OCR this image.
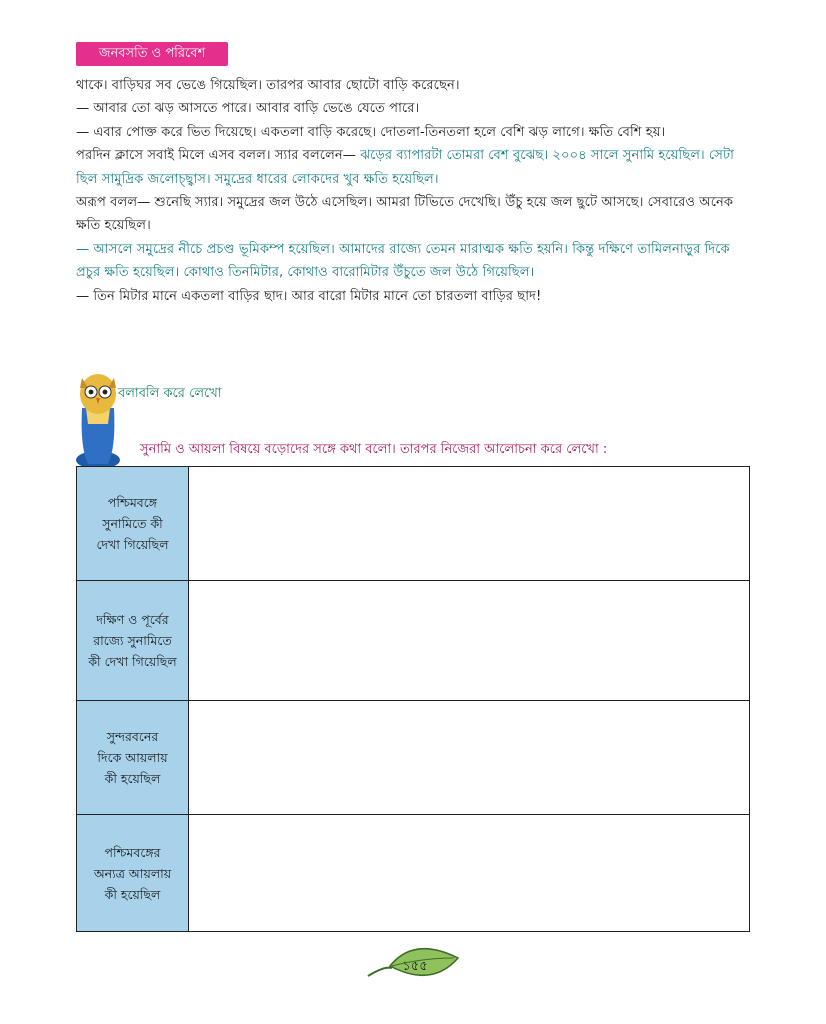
জনবসতি ও পরিবেশ

থাকে। বাড়িঘর সব ভেঙে গিয়েছিল। তারপর আবার ছোটো বাড়ি করেছেন।

— আবার তো ঝড় আসতে পারে। আবার বাড়ি ভেঙে যেতে পারে।

— এবার পোক্ত করে ভিত দিয়েছে। একতলা বাড়ি করেছে। দোতলা-তিনতলা হলে বেশি ঝড় লাগে। ক্ষতি বেশি হয়।

পরদিন ক্লাসে সবাই মিলে এসব বলল। স্যার বললেন— ঝড়ের ব্যাপারটা তোমরা বেশ বুঝেছ। ২০০৪ সালে সুনামি হয়েছিল। সেটা ছিল সামুদ্রিক জলোচ্ছ্বাস। সমুদ্রের ধারের লোকদের খুব ক্ষতি হয়েছিল।

অরূপ বলল— শুনেছি স্যার। সমুদ্রের জল উঠে এসেছিল। আমরা টিভিতে দেখেছি। উঁচু হয়ে জল ছুটে আসছে। সেবারেও অনেক ক্ষতি হয়েছিল।

— আসলে সমুদ্রের নীচে প্রচণ্ড ভূমিকম্প হয়েছিল। আমাদের রাজ্যে তেমন মারাত্মক ক্ষতি হয়নি। কিন্তু দক্ষিণে তামিলনাড়ুর দিকে প্রচুর ক্ষতি হয়েছিল। কোথাও তিনমিটার, কোথাও বারোমিটার উঁচুতে জল উঠে গিয়েছিল।

— তিন মিটার মানে একতলা বাড়ির ছাদ। আর বারো মিটার মানে তো চারতলা বাড়ির ছাদ!

বলাবলি করে লেখো
সুনামি ও আয়লা বিষয়ে বড়োদের সঙ্গে কথা বলো। তারপর নিজেরা আলোচনা করে লেখো :
পশ্চিমবঙ্গে
সুনামিতে কী
দেখা গিয়েছিল
দক্ষিণ ও পূর্বের
রাজ্যে সুনামিতে
কী দেখা গিয়েছিল
সুন্দরবনের
দিকে আয়লায়
কী হয়েছিল
পশ্চিমবঙ্গের
অন্যত্র আয়লায়
কী হয়েছিল
১৫৫
